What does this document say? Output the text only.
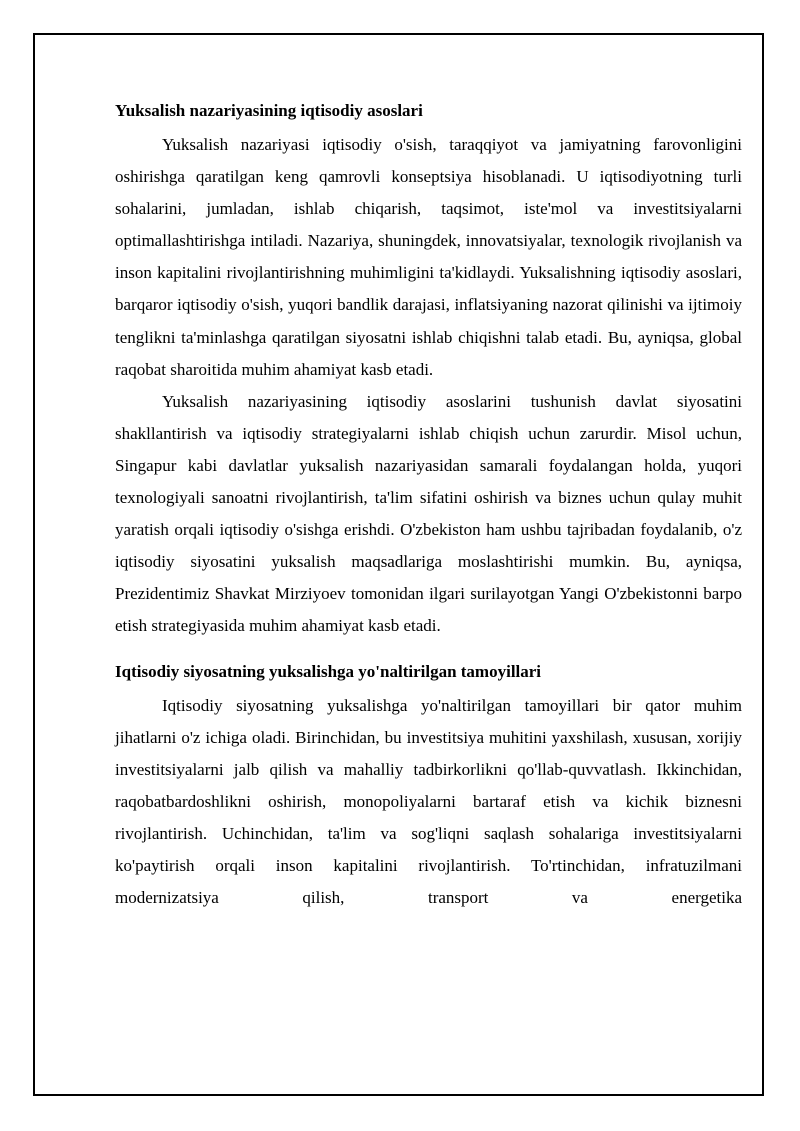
Yuksalish nazariyasining iqtisodiy asoslari

Yuksalish nazariyasi iqtisodiy o'sish, taraqqiyot va jamiyatning farovonligini oshirishga qaratilgan keng qamrovli konseptsiya hisoblanadi. U iqtisodiyotning turli sohalarini, jumladan, ishlab chiqarish, taqsimot, iste'mol va investitsiyalarni optimallashtirishga intiladi. Nazariya, shuningdek, innovatsiyalar, texnologik rivojlanish va inson kapitalini rivojlantirishning muhimligini ta'kidlaydi. Yuksalishning iqtisodiy asoslari, barqaror iqtisodiy o'sish, yuqori bandlik darajasi, inflatsiyaning nazorat qilinishi va ijtimoiy tenglikni ta'minlashga qaratilgan siyosatni ishlab chiqishni talab etadi. Bu, ayniqsa, global raqobat sharoitida muhim ahamiyat kasb etadi.

Yuksalish nazariyasining iqtisodiy asoslarini tushunish davlat siyosatini shakllantirish va iqtisodiy strategiyalarni ishlab chiqish uchun zarurdir. Misol uchun, Singapur kabi davlatlar yuksalish nazariyasidan samarali foydalangan holda, yuqori texnologiyali sanoatni rivojlantirish, ta'lim sifatini oshirish va biznes uchun qulay muhit yaratish orqali iqtisodiy o'sishga erishdi. O'zbekiston ham ushbu tajribadan foydalanib, o'z iqtisodiy siyosatini yuksalish maqsadlariga moslashtirishi mumkin. Bu, ayniqsa, Prezidentimiz Shavkat Mirziyoev tomonidan ilgari surilayotgan Yangi O'zbekistonni barpo etish strategiyasida muhim ahamiyat kasb etadi.

Iqtisodiy siyosatning yuksalishga yo'naltirilgan tamoyillari

Iqtisodiy siyosatning yuksalishga yo'naltirilgan tamoyillari bir qator muhim jihatlarni o'z ichiga oladi. Birinchidan, bu investitsiya muhitini yaxshilash, xususan, xorijiy investitsiyalarni jalb qilish va mahalliy tadbirkorlikni qo'llab-quvvatlash. Ikkinchidan, raqobatbardoshlikni oshirish, monopoliyalarni bartaraf etish va kichik biznesni rivojlantirish. Uchinchidan, ta'lim va sog'liqni saqlash sohalariga investitsiyalarni ko'paytirish orqali inson kapitalini rivojlantirish. To'rtinchidan, infratuzilmani modernizatsiya qilish, transport va energetika
